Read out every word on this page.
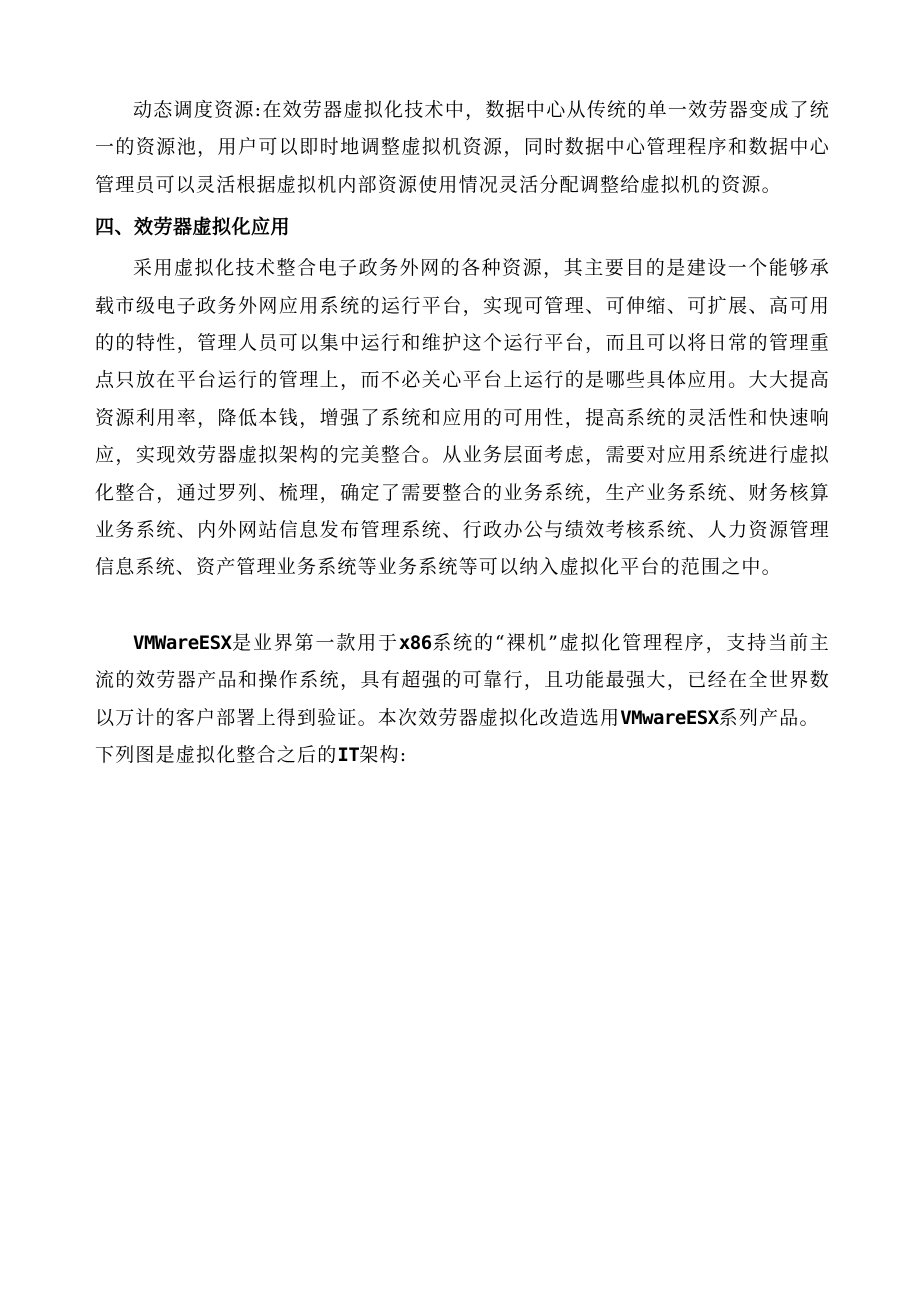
动态调度资源:在效劳器虚拟化技术中，数据中心从传统的单一效劳器变成了统一的资源池，用户可以即时地调整虚拟机资源，同时数据中心管理程序和数据中心管理员可以灵活根据虚拟机内部资源使用情况灵活分配调整给虚拟机的资源。

四、效劳器虚拟化应用

采用虚拟化技术整合电子政务外网的各种资源，其主要目的是建设一个能够承载市级电子政务外网应用系统的运行平台，实现可管理、可伸缩、可扩展、高可用的的特性，管理人员可以集中运行和维护这个运行平台，而且可以将日常的管理重点只放在平台运行的管理上，而不必关心平台上运行的是哪些具体应用。大大提高资源利用率，降低本钱，增强了系统和应用的可用性，提高系统的灵活性和快速响应，实现效劳器虚拟架构的完美整合。从业务层面考虑，需要对应用系统进行虚拟化整合，通过罗列、梳理，确定了需要整合的业务系统，生产业务系统、财务核算业务系统、内外网站信息发布管理系统、行政办公与绩效考核系统、人力资源管理信息系统、资产管理业务系统等业务系统等可以纳入虚拟化平台的范围之中。

VMWareESX是业界第一款用于x86系统的“裸机”虚拟化管理程序，支持当前主流的效劳器产品和操作系统，具有超强的可靠行，且功能最强大，已经在全世界数以万计的客户部署上得到验证。本次效劳器虚拟化改造选用VMwareESX系列产品。

下列图是虚拟化整合之后的IT架构:
